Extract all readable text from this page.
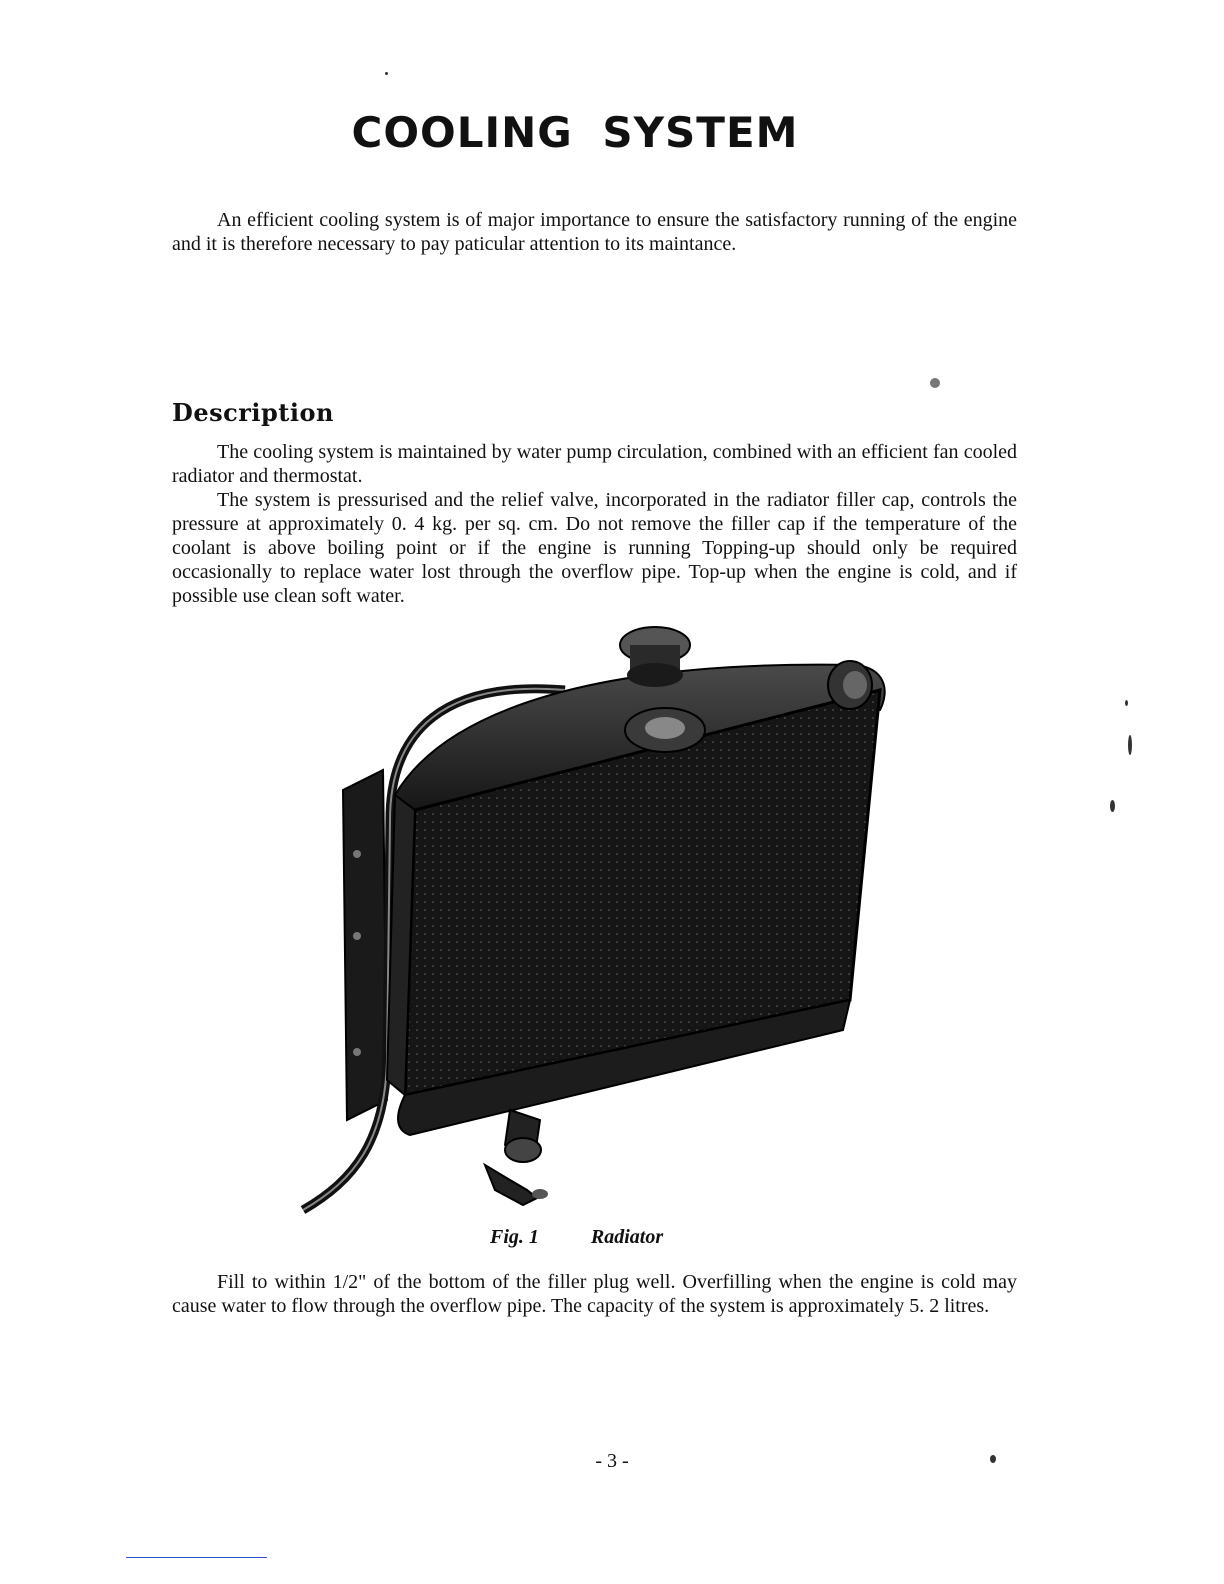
COOLING SYSTEM

An efficient cooling system is of major importance to ensure the satisfactory running of the engine and it is therefore necessary to pay paticular attention to its maintance.

Description

The cooling system is maintained by water pump circulation, combined with an efficient fan cooled radiator and thermostat.

The system is pressurised and the relief valve, incorporated in the radiator filler cap, controls the pressure at approximately 0. 4 kg. per sq. cm. Do not remove the filler cap if the temperature of the coolant is above boiling point or if the engine is running Topping-up should only be required occasionally to replace water lost through the overflow pipe. Top-up when the engine is cold, and if possible use clean soft water.

Fig. 1	Radiator

Fill to within 1/2" of the bottom of the filler plug well. Overfilling when the engine is cold may cause water to flow through the overflow pipe. The capacity of the system is approximately 5. 2 litres.

- 3 -
